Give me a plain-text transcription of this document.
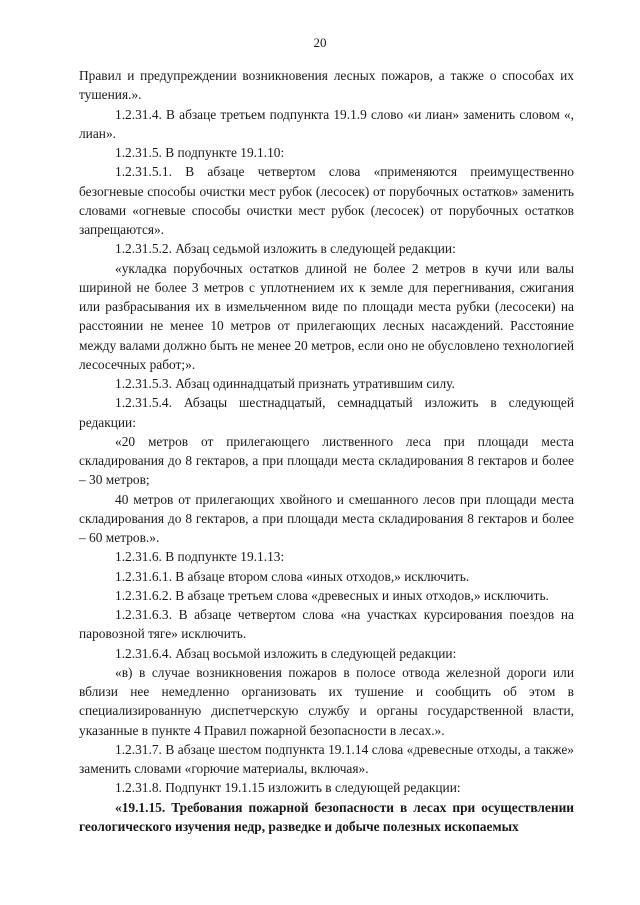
20

Правил и предупреждении возникновения лесных пожаров, а также о способах их тушения.».

1.2.31.4. В абзаце третьем подпункта 19.1.9 слово «и лиан» заменить словом «, лиан».

1.2.31.5. В подпункте 19.1.10:

1.2.31.5.1. В абзаце четвертом слова «применяются преимущественно безогневые способы очистки мест рубок (лесосек) от порубочных остатков» заменить словами «огневые способы очистки мест рубок (лесосек) от порубочных остатков запрещаются».

1.2.31.5.2. Абзац седьмой изложить в следующей редакции:

«укладка порубочных остатков длиной не более 2 метров в кучи или валы шириной не более 3 метров с уплотнением их к земле для перегнивания, сжигания или разбрасывания их в измельченном виде по площади места рубки (лесосеки) на расстоянии не менее 10 метров от прилегающих лесных насаждений. Расстояние между валами должно быть не менее 20 метров, если оно не обусловлено технологией лесосечных работ;».

1.2.31.5.3. Абзац одиннадцатый признать утратившим силу.

1.2.31.5.4. Абзацы шестнадцатый, семнадцатый изложить в следующей редакции:

«20 метров от прилегающего лиственного леса при площади места складирования до 8 гектаров, а при площади места складирования 8 гектаров и более – 30 метров;

40 метров от прилегающих хвойного и смешанного лесов при площади места складирования до 8 гектаров, а при площади места складирования 8 гектаров и более – 60 метров.».

1.2.31.6. В подпункте 19.1.13:

1.2.31.6.1. В абзаце втором слова «иных отходов,» исключить.

1.2.31.6.2. В абзаце третьем слова «древесных и иных отходов,» исключить.

1.2.31.6.3. В абзаце четвертом слова «на участках курсирования поездов на паровозной тяге» исключить.

1.2.31.6.4. Абзац восьмой изложить в следующей редакции:

«в) в случае возникновения пожаров в полосе отвода железной дороги или вблизи нее немедленно организовать их тушение и сообщить об этом в специализированную диспетчерскую службу и органы государственной власти, указанные в пункте 4 Правил пожарной безопасности в лесах.».

1.2.31.7. В абзаце шестом подпункта 19.1.14 слова «древесные отходы, а также» заменить словами «горючие материалы, включая».

1.2.31.8. Подпункт 19.1.15 изложить в следующей редакции:

«19.1.15. Требования пожарной безопасности в лесах при осуществлении геологического изучения недр, разведке и добыче полезных ископаемых
